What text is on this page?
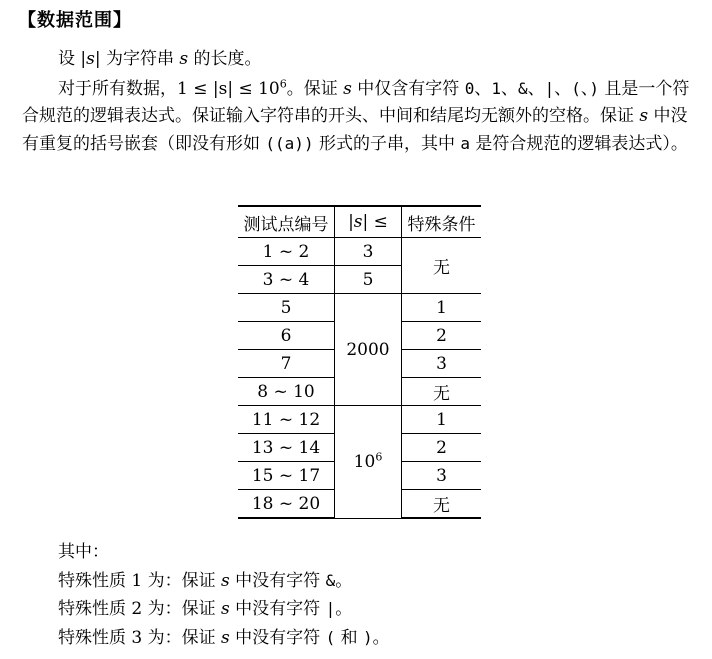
【数据范围】
设 |s| 为字符串 s 的长度。
对于所有数据，$1 \le |s| \le 10^6$。保证 s 中仅含有字符 0、1、&、|、(、) 且是一个符合规范的逻辑表达式。保证输入字符串的开头、中间和结尾均无额外的空格。保证 s 中没有重复的括号嵌套（即没有形如 ((a)) 形式的子串，其中 a 是符合规范的逻辑表达式）。
测试点编号	|s| ≤	特殊条件
1 ~ 2	3	无
3 ~ 4	5	
5	2000	1
6		2
7		3
8 ~ 10		无
11 ~ 12	$10^6$	1
13 ~ 14		2
15 ~ 17		3
18 ~ 20		无
其中：
特殊性质 1 为：保证 s 中没有字符 &。
特殊性质 2 为：保证 s 中没有字符 |。
特殊性质 3 为：保证 s 中没有字符 ( 和 )。
